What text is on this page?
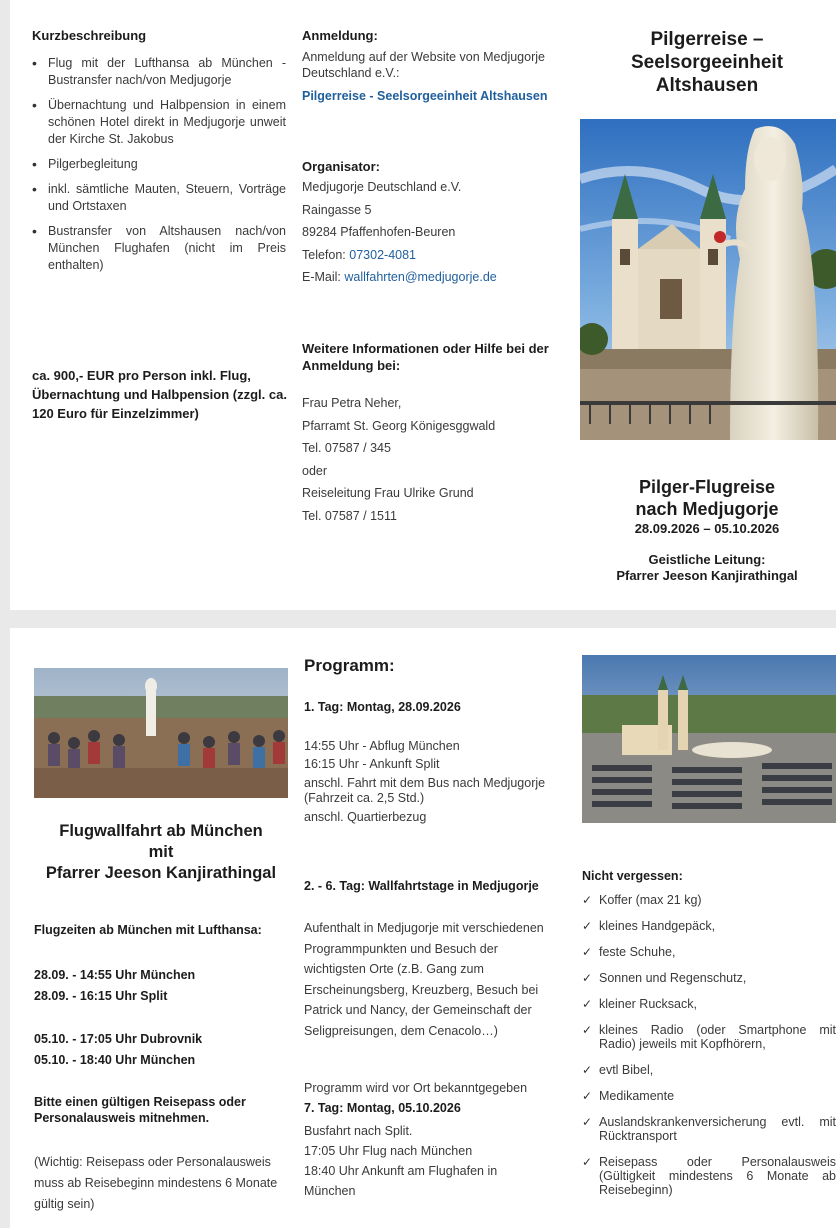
Kurzbeschreibung
• Flug mit der Lufthansa ab München - Bustransfer nach/von Medjugorje
• Übernachtung und Halbpension in einem schönen Hotel direkt in Medjugorje unweit der Kirche St. Jakobus
• Pilgerbegleitung
• inkl. sämtliche Mauten, Steuern, Vorträge und Ortstaxen
• Bustransfer von Altshausen nach/von München Flughafen (nicht im Preis enthalten)
ca. 900,- EUR pro Person inkl. Flug, Übernachtung und Halbpension (zzgl. ca. 120 Euro für Einzelzimmer)
Anmeldung:
Anmeldung auf der Website von Medjugorje Deutschland e.V.:
Pilgerreise - Seelsorgeeinheit Altshausen
Organisator:

Medjugorje Deutschland e.V.

Raingasse 5

89284 Pfaffenhofen-Beuren

Telefon: 07302-4081

E-Mail: wallfahrten@medjugorje.de

Weitere Informationen oder Hilfe bei der Anmeldung bei:

Frau Petra Neher,

Pfarramt St. Georg Königesggwald

Tel. 07587 / 345

oder

Reiseleitung Frau Ulrike Grund

Tel. 07587 / 1511

Pilgerreise –
Seelsorgeeinheit
Altshausen
Pilger-Flugreise
nach Medjugorje
28.09.2026 – 05.10.2026
Geistliche Leitung:
Pfarrer Jeeson Kanjirathingal
Flugwallfahrt ab München
mit
Pfarrer Jeeson Kanjirathingal
Flugzeiten ab München mit Lufthansa:
28.09. - 14:55 Uhr München
28.09. - 16:15 Uhr Split
05.10. - 17:05 Uhr Dubrovnik
05.10. - 18:40 Uhr München
Bitte einen gültigen Reisepass oder Personalausweis mitnehmen.
(Wichtig: Reisepass oder Personalausweis muss ab Reisebeginn mindestens 6 Monate gültig sein)
Programm:
1. Tag: Montag, 28.09.2026

14:55 Uhr - Abflug München

16:15 Uhr - Ankunft Split

anschl. Fahrt mit dem Bus nach Medjugorje (Fahrzeit ca. 2,5 Std.)

anschl. Quartierbezug

2. - 6. Tag: Wallfahrtstage in Medjugorje
Aufenthalt in Medjugorje mit verschiedenen Programmpunkten und Besuch der wichtigsten Orte (z.B. Gang zum Erscheinungsberg, Kreuzberg, Besuch bei Patrick und Nancy, der Gemeinschaft der Seligpreisungen, dem Cenacolo…)
Programm wird vor Ort bekanntgegeben
7. Tag: Montag, 05.10.2026

Busfahrt nach Split.

17:05 Uhr Flug nach München

18:40 Uhr Ankunft am Flughafen in München

Nicht vergessen:
✓ Koffer (max 21 kg)
✓ kleines Handgepäck,
✓ feste Schuhe,
✓ Sonnen und Regenschutz,
✓ kleiner Rucksack,
✓ kleines Radio (oder Smartphone mit Radio) jeweils mit Kopfhörern,
✓ evtl Bibel,
✓ Medikamente
✓ Auslandskrankenversicherung evtl. mit Rücktransport
✓ Reisepass oder Personalausweis (Gültigkeit mindestens 6 Monate ab Reisebeginn)
